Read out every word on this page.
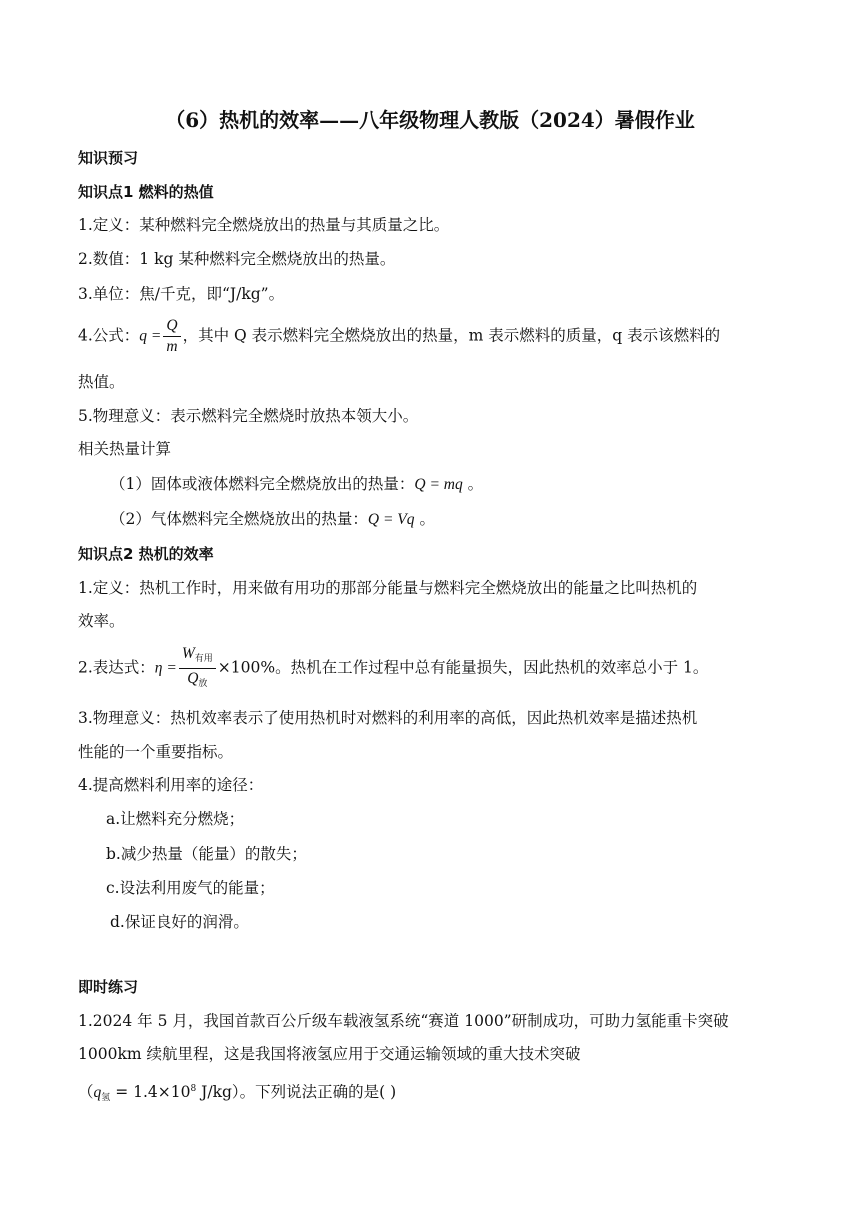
（6）热机的效率——八年级物理人教版（2024）暑假作业
知识预习
知识点1 燃料的热值
1.定义：某种燃料完全燃烧放出的热量与其质量之比。
2.数值：1 kg 某种燃料完全燃烧放出的热量。
3.单位：焦/千克，即“J/kg”。
4.公式：$q = \frac{Q}{m}$ ，其中 Q 表示燃料完全燃烧放出的热量，m 表示燃料的质量，q 表示该燃料的
热值。
5.物理意义：表示燃料完全燃烧时放热本领大小。
相关热量计算
（1）固体或液体燃料完全燃烧放出的热量：Q = mq 。
（2）气体燃料完全燃烧放出的热量：Q = Vq 。
知识点2 热机的效率
1.定义：热机工作时，用来做有用功的那部分能量与燃料完全燃烧放出的能量之比叫热机的
效率。
2.表达式：$\eta = \frac{W_{有用}}{Q_放} \times 100\%$。热机在工作过程中总有能量损失，因此热机的效率总小于 1。
3.物理意义：热机效率表示了使用热机时对燃料的利用率的高低，因此热机效率是描述热机
性能的一个重要指标。
4.提高燃料利用率的途径：
a.让燃料充分燃烧；
b.减少热量（能量）的散失；
c.设法利用废气的能量；
d.保证良好的润滑。
即时练习
1.2024 年 5 月，我国首款百公斤级车载液氢系统“赛道 1000”研制成功，可助力氢能重卡突破
1000km 续航里程，这是我国将液氢应用于交通运输领域的重大技术突破
（$q_氢 = 1.4\times 10^8$ J/kg）。下列说法正确的是( )
